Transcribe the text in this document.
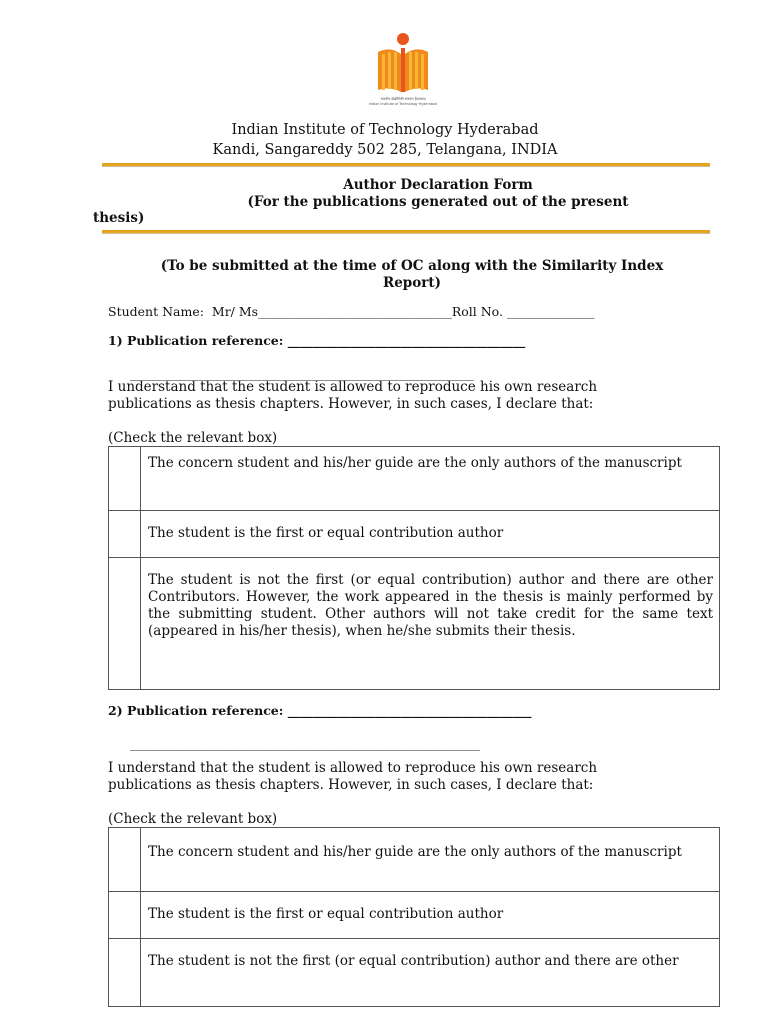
भारतीय प्रौद्योगिकी संस्थान हैदराबाद
Indian Institute of Technology Hyderabad
Indian Institute of Technology Hyderabad
Kandi, Sangareddy 502 285, Telangana, INDIA
Author Declaration Form
(For the publications generated out of the present
thesis)
(To be submitted at the time of OC along with the Similarity Index
Report)
Student Name: Mr/ Ms_______________________________Roll No. ______________
1) Publication reference: ______________________________________
_______________________________________________________
I understand that the student is allowed to reproduce his own research
publications as thesis chapters. However, in such cases, I declare that:
(Check the relevant box)
	The concern student and his/her guide are the only authors of the manuscript
	The student is the first or equal contribution author
	The student is not the first (or equal contribution) author and there are other Contributors. However, the work appeared in the thesis is mainly performed by the submitting student. Other authors will not take credit for the same text (appeared in his/her thesis), when he/she submits their thesis.
2) Publication reference: _______________________________________
________________________________________________________
I understand that the student is allowed to reproduce his own research
publications as thesis chapters. However, in such cases, I declare that:
(Check the relevant box)
	The concern student and his/her guide are the only authors of the manuscript
	The student is the first or equal contribution author
	The student is not the first (or equal contribution) author and there are other
